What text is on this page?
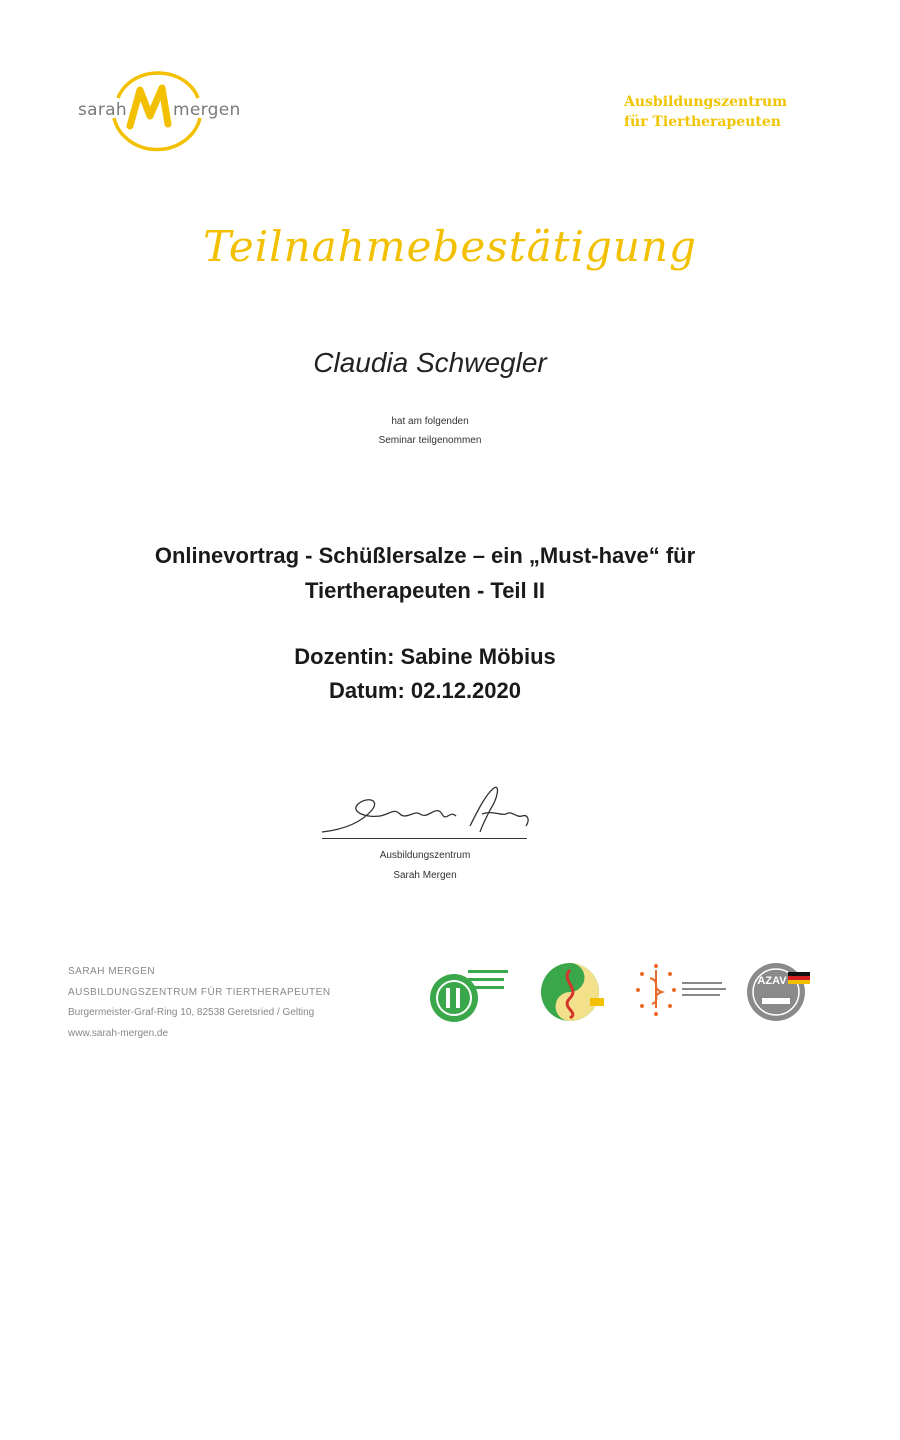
sarah	mergen	Ausbildungszentrum
für Tiertherapeuten
Teilnahmebestätigung
Claudia Schwegler
hat am folgenden
Seminar teilgenommen
Onlinevortrag - Schüßlersalze – ein „Must-have“ für
Tiertherapeuten - Teil II
Dozentin: Sabine Möbius
Datum: 02.12.2020
Ausbildungszentrum
Sarah Mergen
SARAH MERGEN
AUSBILDUNGSZENTRUM FÜR TIERTHERAPEUTEN
Burgermeister-Graf-Ring 10, 82538 Geretsried / Gelting
www.sarah-mergen.de
AZAV
